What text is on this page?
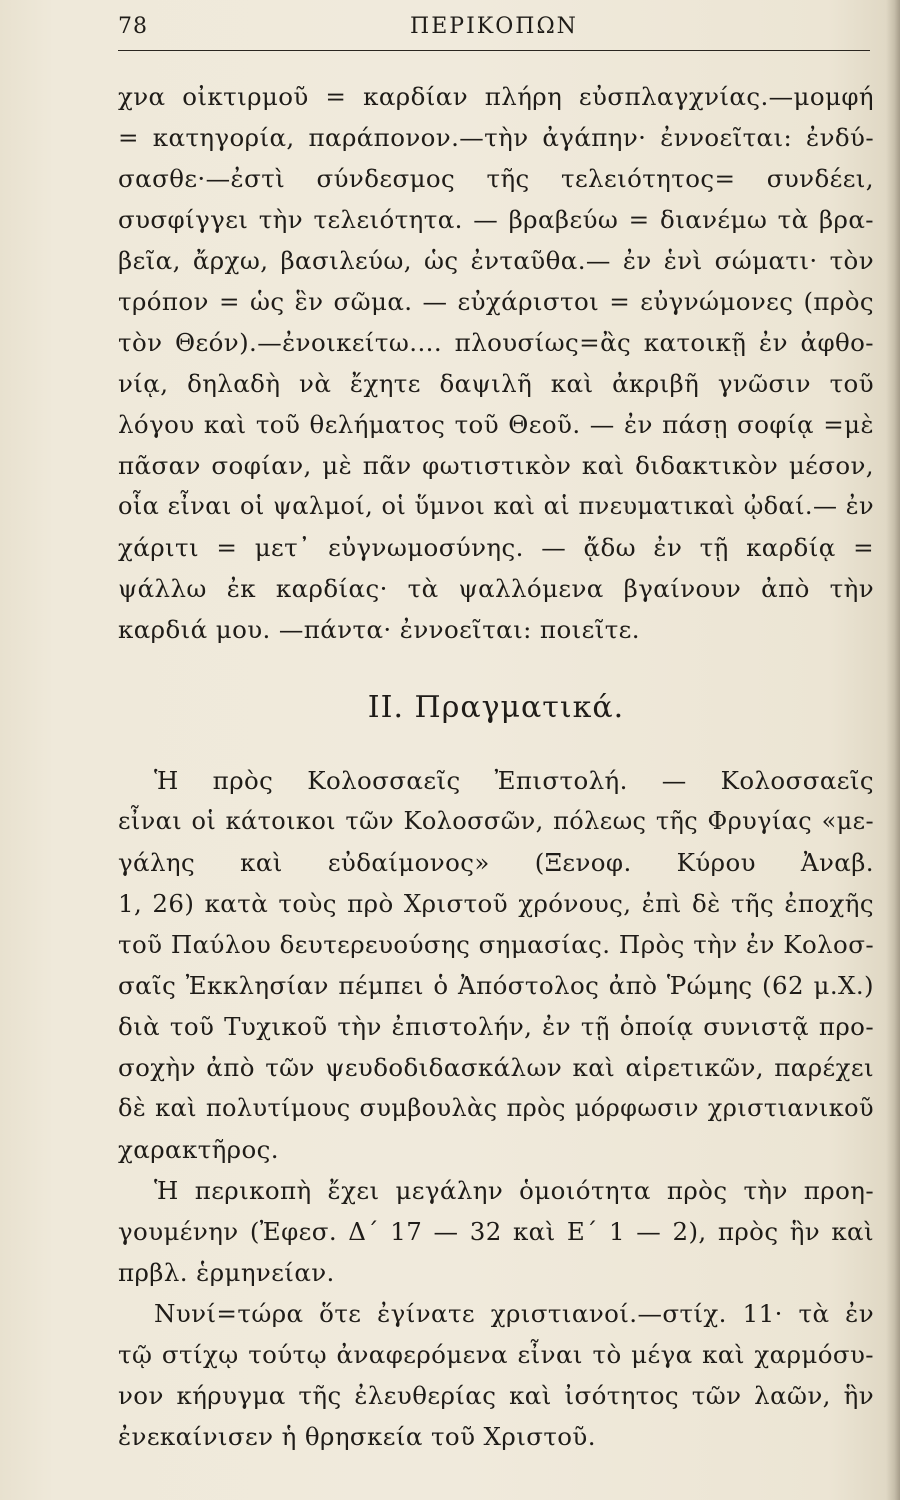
78	ΠΕΡΙΚΟΠΩΝ
χνα οἰκτιρμοῦ = καρδίαν πλήρη εὐσπλαγχνίας.—μομφή
= κατηγορία, παράπονον.—τὴν ἀγάπην· ἐννοεῖται: ἐνδύ-
σασθε·—ἐστὶ σύνδεσμος τῆς τελειότητος= συνδέει,
συσφίγγει τὴν τελειότητα. — βραβεύω = διανέμω τὰ βρα-
βεῖα, ἄρχω, βασιλεύω, ὡς ἐνταῦθα.— ἐν ἑνὶ σώματι· τὸν
τρόπον = ὡς ἓν σῶμα. — εὐχάριστοι = εὐγνώμονες (πρὸς
τὸν Θεόν).—ἐνοικείτω.... πλουσίως=ἂς κατοικῇ ἐν ἀφθο-
νίᾳ, δηλαδὴ νὰ ἔχητε δαψιλῆ καὶ ἀκριβῆ γνῶσιν τοῦ
λόγου καὶ τοῦ θελήματος τοῦ Θεοῦ. — ἐν πάσῃ σοφίᾳ =μὲ
πᾶσαν σοφίαν, μὲ πᾶν φωτιστικὸν καὶ διδακτικὸν μέσον,
οἷα εἶναι οἱ ψαλμοί, οἱ ὕμνοι καὶ αἱ πνευματικαὶ ᾠδαί.— ἐν
χάριτι = μετ᾽ εὐγνωμοσύνης. — ᾄδω ἐν τῇ καρδίᾳ =
ψάλλω ἐκ καρδίας· τὰ ψαλλόμενα βγαίνουν ἀπὸ τὴν
καρδιά μου. —πάντα· ἐννοεῖται: ποιεῖτε.
ΙΙ. Πραγματικά.
Ἡ πρὸς Κολοσσαεῖς Ἐπιστολή. — Κολοσσαεῖς
εἶναι οἱ κάτοικοι τῶν Κολοσσῶν, πόλεως τῆς Φρυγίας «με-
γάλης καὶ εὐδαίμονος» (Ξενοφ. Κύρου Ἀναβ.
1, 26) κατὰ τοὺς πρὸ Χριστοῦ χρόνους, ἐπὶ δὲ τῆς ἐποχῆς
τοῦ Παύλου δευτερευούσης σημασίας. Πρὸς τὴν ἐν Κολοσ-
σαῖς Ἐκκλησίαν πέμπει ὁ Ἀπόστολος ἀπὸ Ῥώμης (62 μ.Χ.)
διὰ τοῦ Τυχικοῦ τὴν ἐπιστολήν, ἐν τῇ ὁποίᾳ συνιστᾷ προ-
σοχὴν ἀπὸ τῶν ψευδοδιδασκάλων καὶ αἱρετικῶν, παρέχει
δὲ καὶ πολυτίμους συμβουλὰς πρὸς μόρφωσιν χριστιανικοῦ
χαρακτῆρος.
Ἡ περικοπὴ ἔχει μεγάλην ὁμοιότητα πρὸς τὴν προη-
γουμένην (Ἐφεσ. Δ΄ 17 — 32 καὶ Ε΄ 1 — 2), πρὸς ἣν καὶ
πρβλ. ἑρμηνείαν.
Νυνί=τώρα ὅτε ἐγίνατε χριστιανοί.—στίχ. 11· τὰ ἐν
τῷ στίχῳ τούτῳ ἀναφερόμενα εἶναι τὸ μέγα καὶ χαρμόσυ-
νον κήρυγμα τῆς ἐλευθερίας καὶ ἰσότητος τῶν λαῶν, ἣν
ἐνεκαίνισεν ἡ θρησκεία τοῦ Χριστοῦ.
